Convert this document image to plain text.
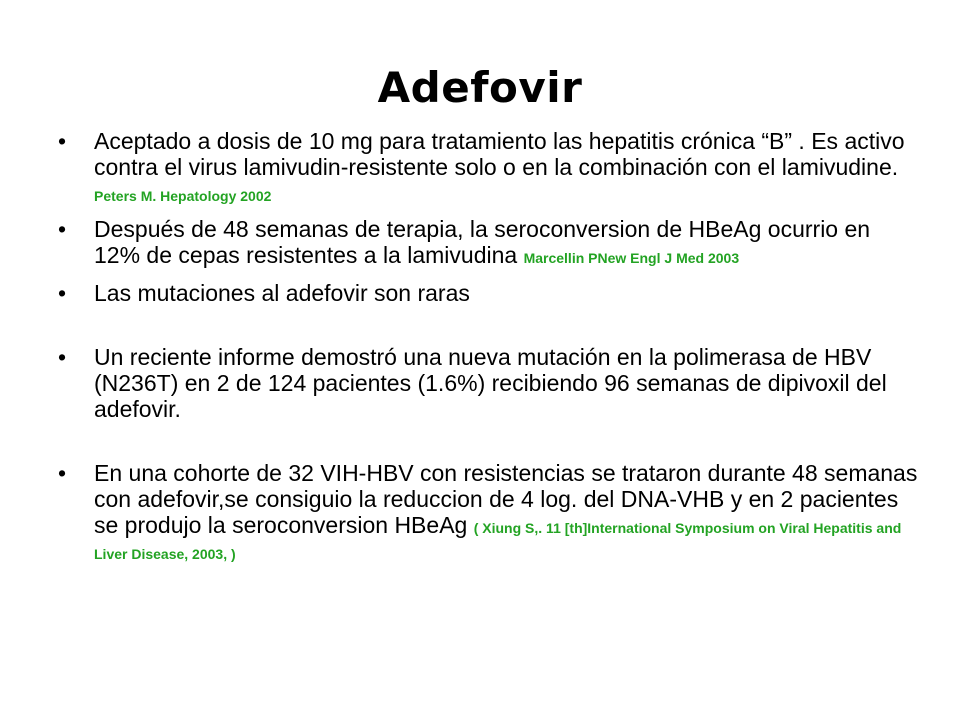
Adefovir
•	Aceptado a dosis de 10 mg para tratamiento las hepatitis crónica “B” . Es activo contra el virus lamivudin-resistente solo o en la combinación con el lamivudine. Peters M. Hepatology 2002
•	Después de 48 semanas de terapia, la seroconversion de HBeAg ocurrio en 12% de cepas resistentes a la lamivudina Marcellin PNew Engl J Med 2003
•	Las mutaciones al adefovir son raras
•	Un reciente informe demostró una nueva mutación en la polimerasa de HBV (N236T) en 2 de 124 pacientes (1.6%) recibiendo 96 semanas de dipivoxil del adefovir.
•	En una cohorte de 32 VIH-HBV con resistencias se trataron durante 48 semanas con adefovir,se consiguio la reduccion de 4 log. del DNA-VHB y en 2 pacientes se produjo la seroconversion HBeAg ( Xiung S,. 11 [th]International Symposium on Viral Hepatitis and Liver Disease, 2003, )
